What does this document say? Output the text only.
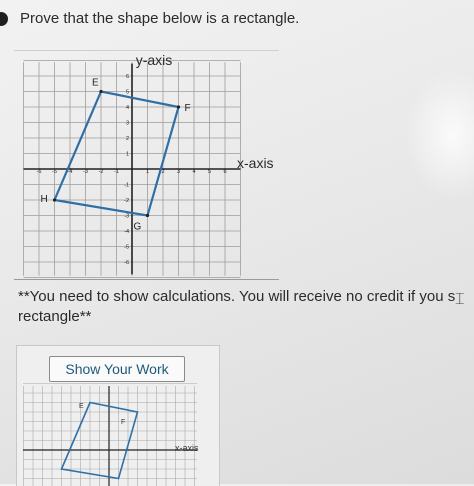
Prove that the shape below is a rectangle.
-6 -5 -4 -3 -2 -1	1 2 3 4 5 6
6
5
4
3
2
1
-1
-2
-3
-4
-5
-6
E
F
G
H
y-axis
x-axis
**You need to show calculations. You will receive no credit if you s
rectangle**
⌶
Show Your Work
E
F
x-axis
